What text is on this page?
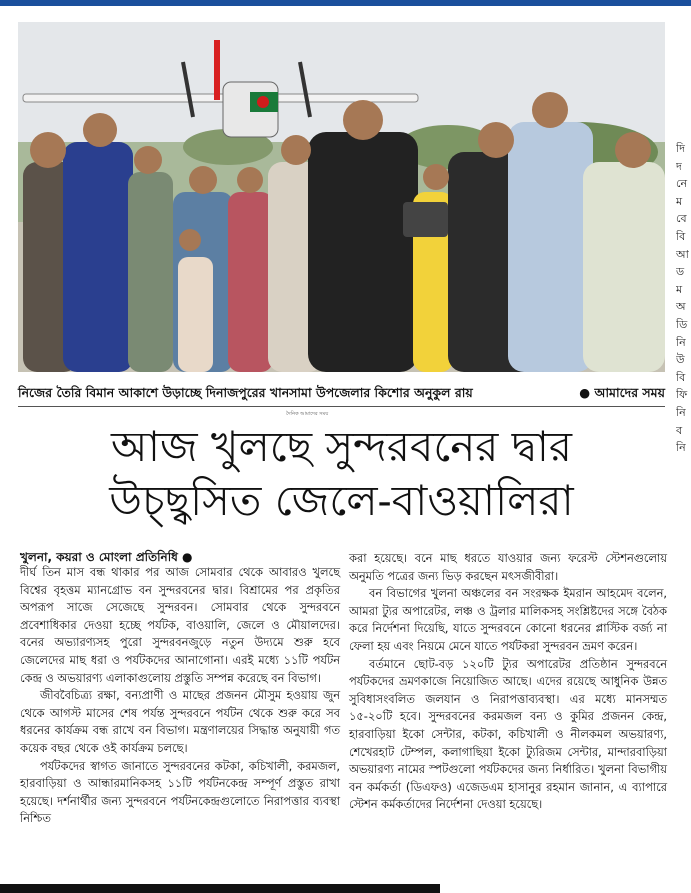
নিজের তৈরি বিমান আকাশে উড়াচ্ছে দিনাজপুরের খানসামা উপজেলার কিশোর অনুকুল রায়	● আমাদের সময়
দৈনিক আমাদের সময়
আজ খুলছে সুন্দরবনের দ্বার
উচ্ছ্বসিত জেলে-বাওয়ালিরা
খুলনা, কয়রা ও মোংলা প্রতিনিধি ●

দীর্ঘ তিন মাস বন্ধ থাকার পর আজ সোমবার থেকে আবারও খুলছে বিশ্বের বৃহত্তম ম্যানগ্রোভ বন সুন্দরবনের দ্বার। বিশ্রামের পর প্রকৃতির অপরূপ সাজে সেজেছে সুন্দরবন। সোমবার থেকে সুন্দরবনে প্রবেশাধিকার দেওয়া হচ্ছে পর্যটক, বাওয়ালি, জেলে ও মৌয়ালদের। বনের অভ্যারণ্যসহ পুরো সুন্দরবনজুড়ে নতুন উদ্যমে শুরু হবে জেলেদের মাছ ধরা ও পর্যটকদের আনাগোনা। এরই মধ্যে ১১টি পর্যটন কেন্দ্র ও অভয়ারণ্য এলাকাগুলোয় প্রস্তুতি সম্পন্ন করেছে বন বিভাগ।

জীববৈচিত্র্য রক্ষা, বন্যপ্রাণী ও মাছের প্রজনন মৌসুম হওয়ায় জুন থেকে আগস্ট মাসের শেষ পর্যন্ত সুন্দরবনে পর্যটন থেকে শুরু করে সব ধরনের কার্যক্রম বন্ধ রাখে বন বিভাগ। মন্ত্রণালয়ের সিদ্ধান্ত অনুযায়ী গত কয়েক বছর থেকে ওই কার্যক্রম চলছে।

পর্যটকদের স্বাগত জানাতে সুন্দরবনের কটকা, কচিখালী, করমজল, হারবাড়িয়া ও আন্ধারমানিকসহ ১১টি পর্যটনকেন্দ্র সম্পূর্ণ প্রস্তুত রাখা হয়েছে। দর্শনার্থীর জন্য সুন্দরবনে পর্যটনকেন্দ্রগুলোতে নিরাপত্তার ব্যবস্থা নিশ্চিত

করা হয়েছে। বনে মাছ ধরতে যাওয়ার জন্য ফরেস্ট স্টেশনগুলোয় অনুমতি পত্রের জন্য ভিড় করছেন মৎসজীবীরা।

বন বিভাগের খুলনা অঞ্চলের বন সংরক্ষক ইমরান আহমেদ বলেন, আমরা ট্যুর অপারেটর, লঞ্চ ও ট্রলার মালিকসহ সংশ্লিষ্টদের সঙ্গে বৈঠক করে নির্দেশনা দিয়েছি, যাতে সুন্দরবনে কোনো ধরনের প্লাস্টিক বর্জ্য না ফেলা হয় এবং নিয়মে মেনে যাতে পর্যটকরা সুন্দরবন ভ্রমণ করেন।

বর্তমানে ছোট-বড় ১২০টি ট্যুর অপারেটর প্রতিষ্ঠান সুন্দরবনে পর্যটকদের ভ্রমণকাজে নিয়োজিত আছে। এদের রয়েছে আধুনিক উন্নত সুবিধাসংবলিত জলযান ও নিরাপত্তাব্যবস্থা। এর মধ্যে মানসম্মত ১৫-২০টি হবে। সুন্দরবনের করমজল বন্য ও কুমির প্রজনন কেন্দ্র, হারবাড়িয়া ইকো সেন্টার, কটকা, কচিখালী ও নীলকমল অভয়ারণ্য, শেখেরহাট টেম্পল, কলাগাছিয়া ইকো ট্যুরিজম সেন্টার, মান্দারবাড়িয়া অভয়ারণ্য নামের স্পটগুলো পর্যটকদের জন্য নির্ধারিত। খুলনা বিভাগীয় বন কর্মকর্তা (ডিএফও) এজেডএম হাসানুর রহমান জানান, এ ব্যাপারে স্টেশন কর্মকর্তাদের নির্দেশনা দেওয়া হয়েছে।

দি দ নে ম বে বি আ ড ম অ ডি নি উ বি ফি নি ব নি
